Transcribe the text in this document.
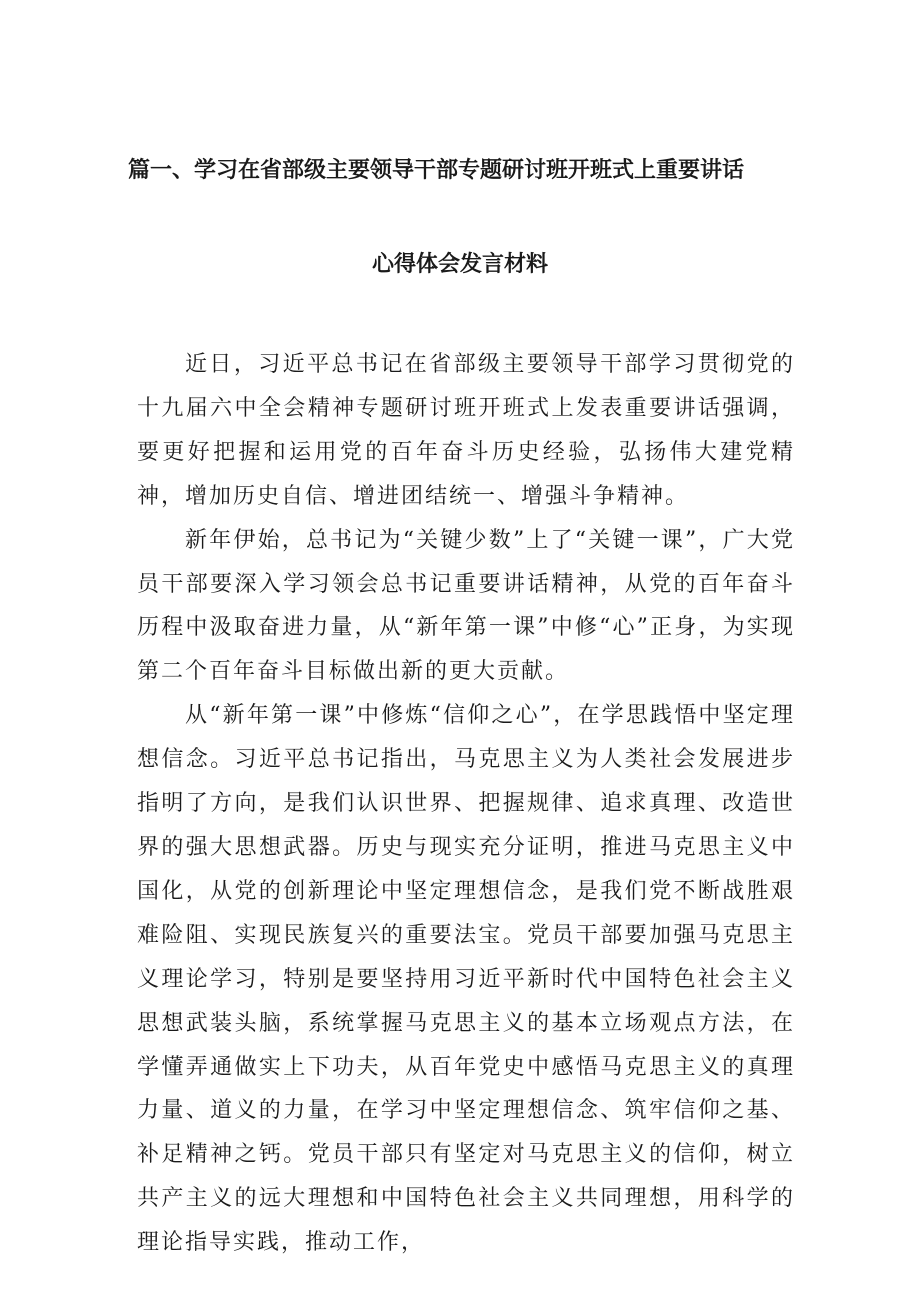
篇一、学习在省部级主要领导干部专题研讨班开班式上重要讲话
心得体会发言材料

近日，习近平总书记在省部级主要领导干部学习贯彻党的十九届六中全会精神专题研讨班开班式上发表重要讲话强调，要更好把握和运用党的百年奋斗历史经验，弘扬伟大建党精神，增加历史自信、增进团结统一、增强斗争精神。

新年伊始，总书记为“关键少数”上了“关键一课”，广大党员干部要深入学习领会总书记重要讲话精神，从党的百年奋斗历程中汲取奋进力量，从“新年第一课”中修“心”正身，为实现第二个百年奋斗目标做出新的更大贡献。

从“新年第一课”中修炼“信仰之心”，在学思践悟中坚定理想信念。习近平总书记指出，马克思主义为人类社会发展进步指明了方向，是我们认识世界、把握规律、追求真理、改造世界的强大思想武器。历史与现实充分证明，推进马克思主义中国化，从党的创新理论中坚定理想信念，是我们党不断战胜艰难险阻、实现民族复兴的重要法宝。党员干部要加强马克思主义理论学习，特别是要坚持用习近平新时代中国特色社会主义思想武装头脑，系统掌握马克思主义的基本立场观点方法，在学懂弄通做实上下功夫，从百年党史中感悟马克思主义的真理力量、道义的力量，在学习中坚定理想信念、筑牢信仰之基、补足精神之钙。党员干部只有坚定对马克思主义的信仰，树立共产主义的远大理想和中国特色社会主义共同理想，用科学的理论指导实践，推动工作，
